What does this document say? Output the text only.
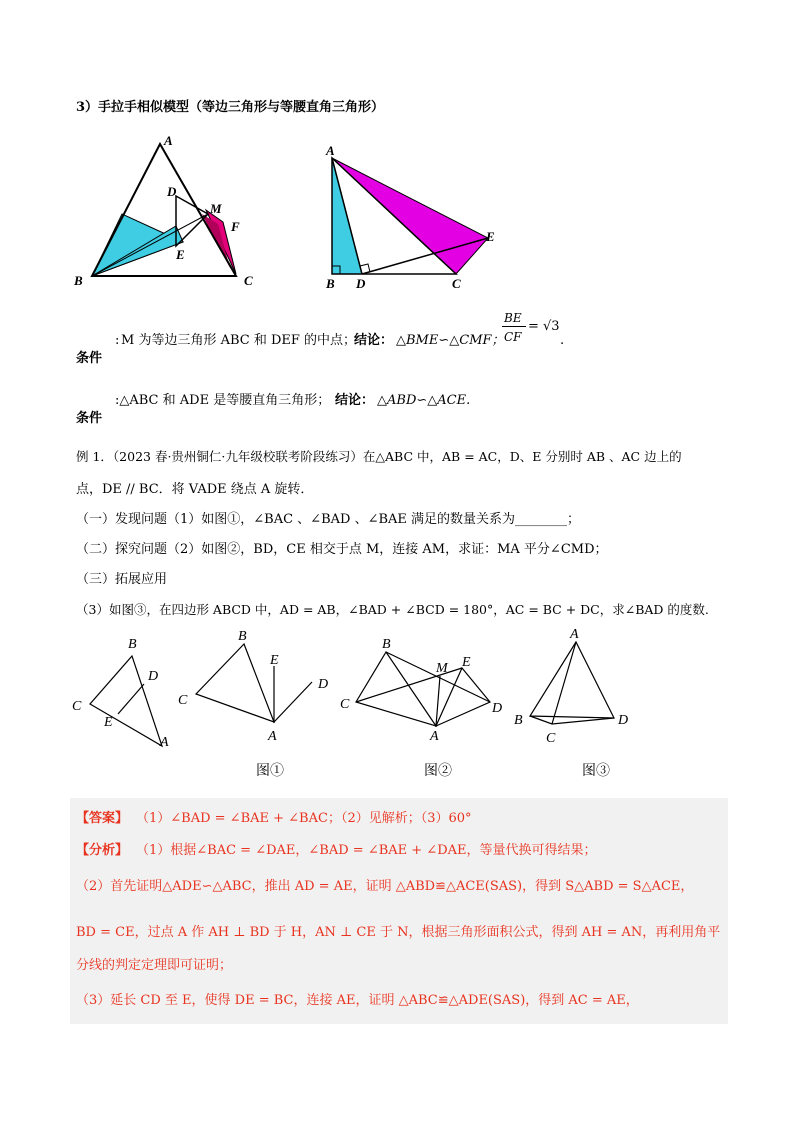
3）手拉手相似模型（等边三角形与等腰直角三角形）
A
D
M
F
E
B	C
A
E
B D	C
: M 为等边三角形 ABC 和 DEF 的中点；
结论： △BME∽△CMF；
BE
CF
= √3
.
条件
:△ABC 和 ADE 是等腰直角三角形； 结论： △ABD∽△ACE.
条件
例 1．（2023 春·贵州铜仁·九年级校联考阶段练习）在△ABC 中，AB = AC，D、E 分别时 AB 、AC 边上的
点，DE // BC．将 VADE 绕点 A 旋转．
（一）发现问题（1）如图①，∠BAC 、∠BAD 、∠BAE 满足的数量关系为________；
（二）探究问题（2）如图②，BD，CE 相交于点 M，连接 AM，求证：MA 平分∠CMD；
（三）拓展应用
（3）如图③，在四边形 ABCD 中，AD = AB，∠BAD + ∠BCD = 180°，AC = BC + DC，求∠BAD 的度数.
B
D
C
E
A
B
E
C
D
A
B
M E
C	D
A
A
B	D
C
图①	图②	图③
【答案】 （1）∠BAD = ∠BAE + ∠BAC；（2）见解析；（3）60°
【分析】 （1）根据∠BAC = ∠DAE，∠BAD = ∠BAE + ∠DAE，等量代换可得结果；
（2）首先证明△ADE∽△ABC，推出 AD = AE，证明 △ABD≌△ACE(SAS)，得到 S△ABD = S△ACE，
BD = CE，过点 A 作 AH ⊥ BD 于 H，AN ⊥ CE 于 N，根据三角形面积公式，得到 AH = AN，再利用角平
分线的判定定理即可证明；
（3）延长 CD 至 E，使得 DE = BC，连接 AE，证明 △ABC≌△ADE(SAS)，得到 AC = AE，
